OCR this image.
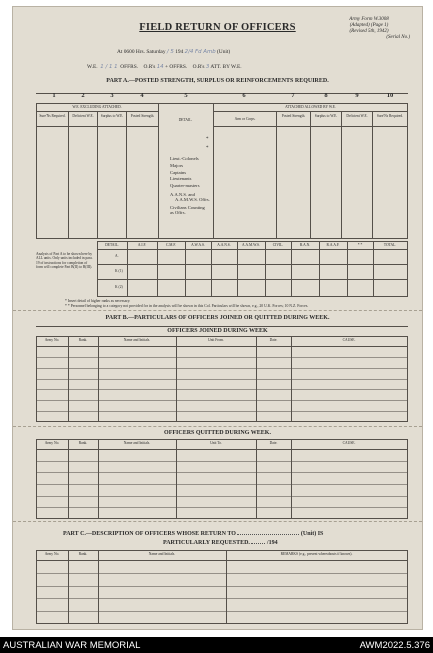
Army Form W.3008
(Adapted) (Page 1)
(Revised 5th, 1942)
(Serial No.)
FIELD RETURN OF OFFICERS
At 0600 Hrs. Saturday / 5 194 2/4 Fd Amb (Unit)
W.E. 1 / 1 1 OFFRS. O.R's 14 + OFFRS. O.R's 3 ATT. BY W.E.
PART A.—POSTED STRENGTH, SURPLUS OR REINFORCEMENTS REQUIRED.
1	2	3	4	5	6	7	8	9	10
W.E. EXCLUDING ATTACHED.	ATTACHED ALLOWED BY W.E.
DETAIL.
Sure'Ns Required.	Deficient W.E.	Surplus to W.E.	Posted Strength.
Arm or Corps.
Posted Strength.	Surplus to W.E.	Deficient W.E.	Sure'Ns Required.
*
*
Lieut.-Colonels
Majors
Captains
Lieutenants
Quarter-masters
A.A.N.S. and
A.A.M.W.S. Offrs.
Civilians Counting
as Offrs.
Analysis of Part A to be shown here by ALL units. Only units included in para. 19 of instructions for completion of form will complete Part B(II) to B(III).
DETAIL.	A.I.F.	C.M.F.	A.W.A.S.	A.A.N.S.	A.A.M.W.S.	CIVIL.	R.A.N.	R.A.A.F.	* *	TOTAL.
A.
K (1)
K (2)
* Insert detail of higher ranks as necessary.
* * Personnel belonging to a category not provided for in the analysis will be shown in this Col. Particulars will be shown, e.g., 20 U.K. Forces; 10 N.Z. Forces.
PART B.—PARTICULARS OF OFFICERS JOINED OR QUITTED DURING WEEK.
OFFICERS JOINED DURING WEEK
Army No.	Rank.	Name and Initials.	Unit From.	Date.	CAUSE.
OFFICERS QUITTED DURING WEEK.
Army No.	Rank.	Name and Initials.	Unit To.	Date.	CAUSE.
PART C.—DESCRIPTION OF OFFICERS WHOSE RETURN TO	(Unit) IS
PARTICULARLY REQUESTED.	/194
Army No.	Rank.	Name and Initials.	REMARKS (e.g., present whereabouts if known).
AUSTRALIAN WAR MEMORIAL	AWM2022.5.376
